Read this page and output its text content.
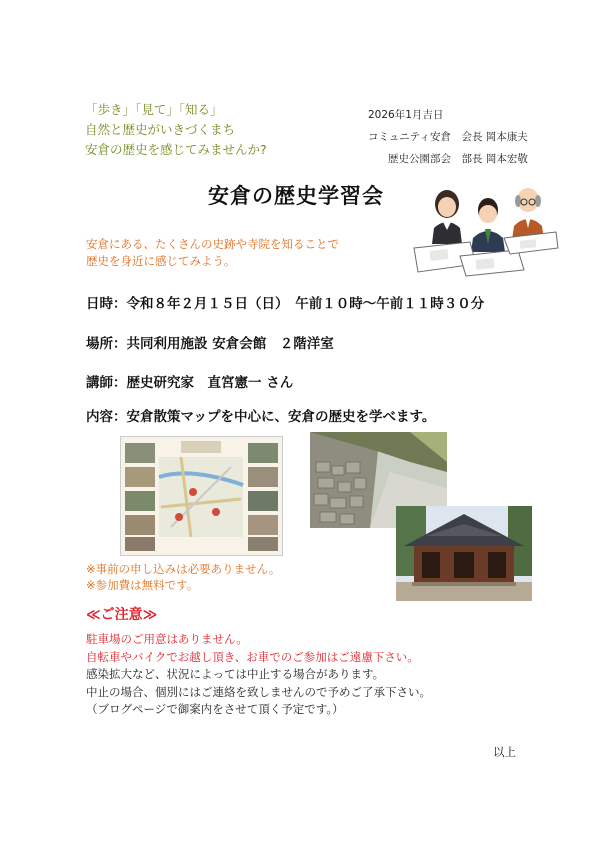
「歩き」「見て」「知る」
自然と歴史がいきづくまち
安倉の歴史を感じてみませんか?
2026年1月吉日
コミュニティ安倉　会長 岡本康夫
歴史公園部会　部長 岡本宏敬
安倉の歴史学習会
安倉にある、たくさんの史跡や寺院を知ることで
歴史を身近に感じてみよう。
日時：令和８年２月１５日（日）　午前１０時～午前１１時３０分
場所：共同利用施設 安倉会館　２階洋室
講師：歴史研究家　直宮憲一 さん
内容：安倉散策マップを中心に、安倉の歴史を学べます。
※事前の申し込みは必要ありません。
※参加費は無料です。
≪ご注意≫
駐車場のご用意はありません。
自転車やバイクでお越し頂き、お車でのご参加はご遠慮下さい。
感染拡大など、状況によっては中止する場合があります。
中止の場合、個別にはご連絡を致しませんので予めご了承下さい。
（ブログページで御案内をさせて頂く予定です。）
以上
